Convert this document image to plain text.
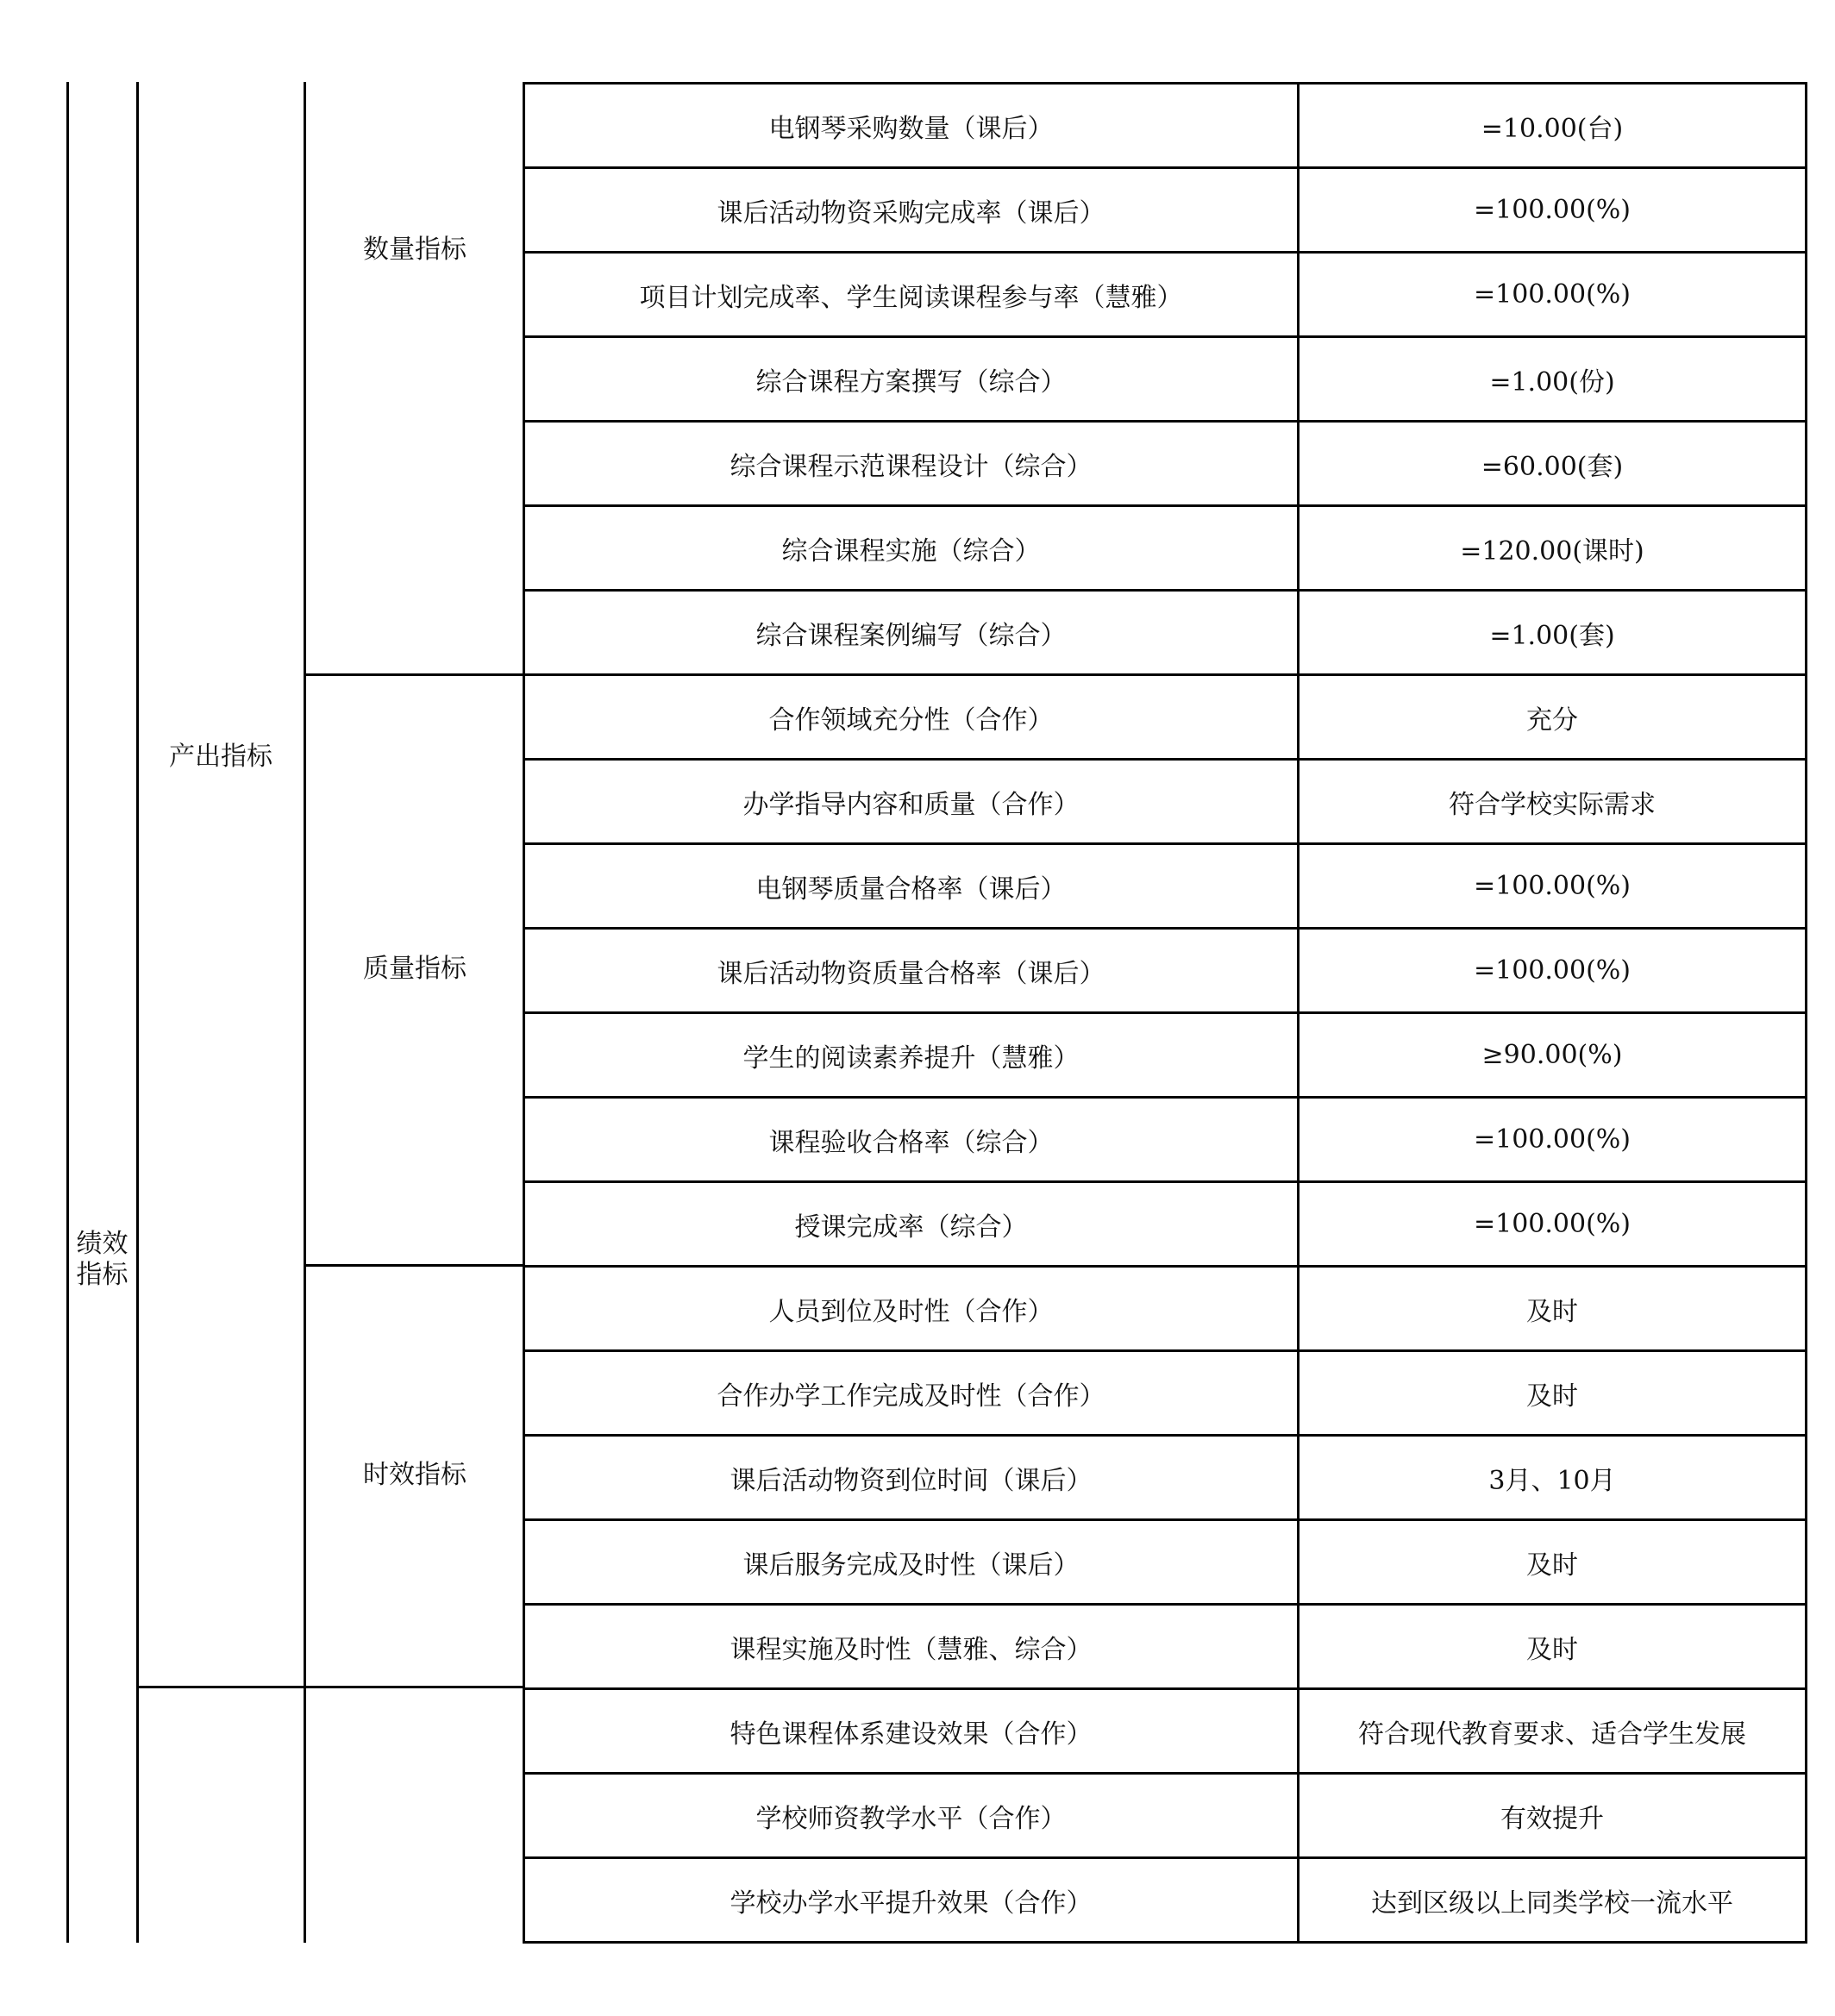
绩效
指标
产出指标
数量指标
质量指标
时效指标
电钢琴采购数量（课后）	=10.00(台)
课后活动物资采购完成率（课后）	=100.00(%)
项目计划完成率、学生阅读课程参与率（慧雅）	=100.00(%)
综合课程方案撰写（综合）	=1.00(份)
综合课程示范课程设计（综合）	=60.00(套)
综合课程实施（综合）	=120.00(课时)
综合课程案例编写（综合）	=1.00(套)
合作领域充分性（合作）	充分
办学指导内容和质量（合作）	符合学校实际需求
电钢琴质量合格率（课后）	=100.00(%)
课后活动物资质量合格率（课后）	=100.00(%)
学生的阅读素养提升（慧雅）	≥90.00(%)
课程验收合格率（综合）	=100.00(%)
授课完成率（综合）	=100.00(%)
人员到位及时性（合作）	及时
合作办学工作完成及时性（合作）	及时
课后活动物资到位时间（课后）	3月、10月
课后服务完成及时性（课后）	及时
课程实施及时性（慧雅、综合）	及时
特色课程体系建设效果（合作）	符合现代教育要求、适合学生发展
学校师资教学水平（合作）	有效提升
学校办学水平提升效果（合作）	达到区级以上同类学校一流水平
